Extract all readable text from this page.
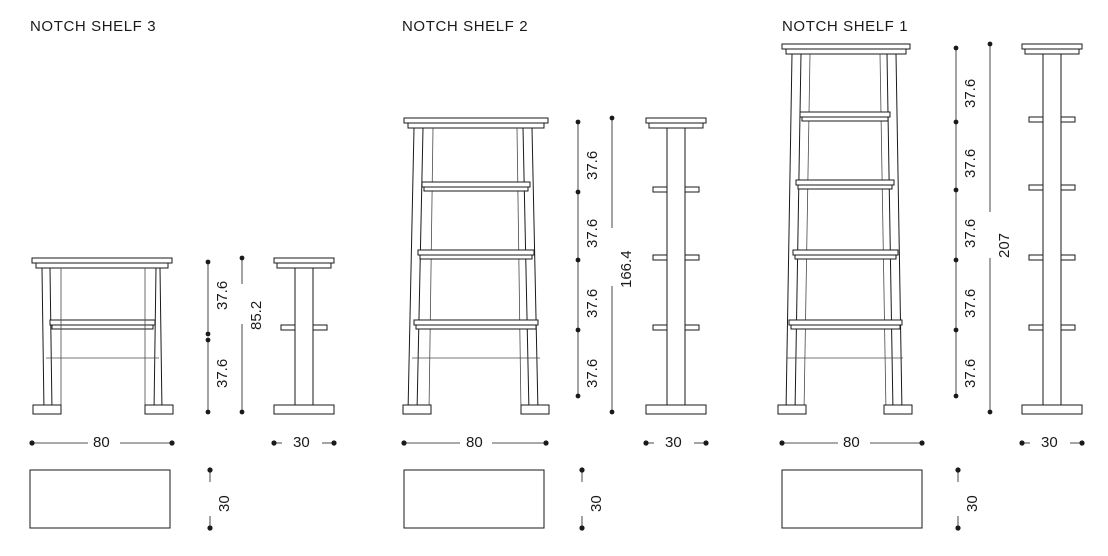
NOTCH SHELF 3	NOTCH SHELF 2	NOTCH SHELF 1
37.6
37.6
85.2
80	30
30
37.6
37.6
37.6
37.6
166.4
80	30
30
37.6
37.6
37.6
37.6
37.6
207
80	30
30
